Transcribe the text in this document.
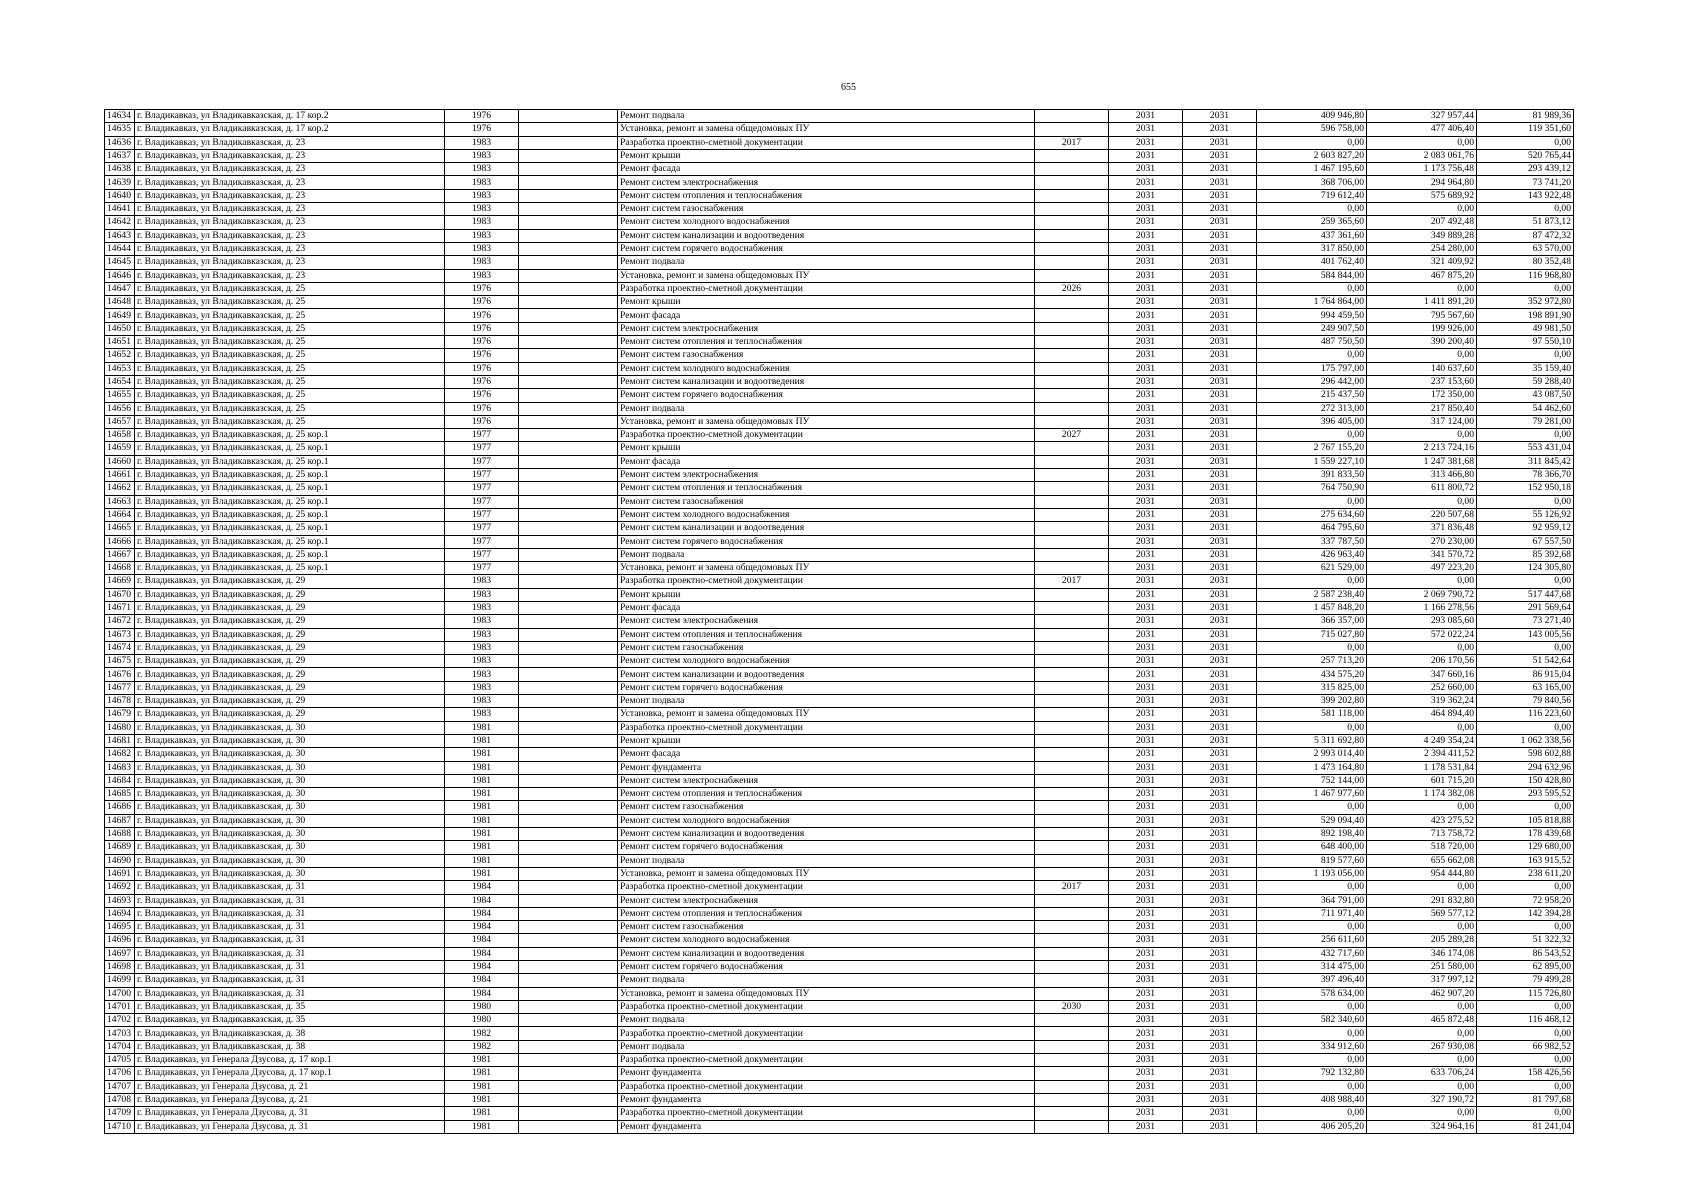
655
14634	г. Владикавказ, ул Владикавказская, д. 17 кор.2	1976		Ремонт подвала		2031	2031	409 946,80	327 957,44	81 989,36
14635	г. Владикавказ, ул Владикавказская, д. 17 кор.2	1976		Установка, ремонт и замена общедомовых ПУ		2031	2031	596 758,00	477 406,40	119 351,60
14636	г. Владикавказ, ул Владикавказская, д. 23	1983		Разработка проектно-сметной документации	2017	2031	2031	0,00	0,00	0,00
14637	г. Владикавказ, ул Владикавказская, д. 23	1983		Ремонт крыши		2031	2031	2 603 827,20	2 083 061,76	520 765,44
14638	г. Владикавказ, ул Владикавказская, д. 23	1983		Ремонт фасада		2031	2031	1 467 195,60	1 173 756,48	293 439,12
14639	г. Владикавказ, ул Владикавказская, д. 23	1983		Ремонт систем электроснабжения		2031	2031	368 706,00	294 964,80	73 741,20
14640	г. Владикавказ, ул Владикавказская, д. 23	1983		Ремонт систем отопления и теплоснабжения		2031	2031	719 612,40	575 689,92	143 922,48
14641	г. Владикавказ, ул Владикавказская, д. 23	1983		Ремонт систем газоснабжения		2031	2031	0,00	0,00	0,00
14642	г. Владикавказ, ул Владикавказская, д. 23	1983		Ремонт систем холодного водоснабжения		2031	2031	259 365,60	207 492,48	51 873,12
14643	г. Владикавказ, ул Владикавказская, д. 23	1983		Ремонт систем канализации и водоотведения		2031	2031	437 361,60	349 889,28	87 472,32
14644	г. Владикавказ, ул Владикавказская, д. 23	1983		Ремонт систем горячего водоснабжения		2031	2031	317 850,00	254 280,00	63 570,00
14645	г. Владикавказ, ул Владикавказская, д. 23	1983		Ремонт подвала		2031	2031	401 762,40	321 409,92	80 352,48
14646	г. Владикавказ, ул Владикавказская, д. 23	1983		Установка, ремонт и замена общедомовых ПУ		2031	2031	584 844,00	467 875,20	116 968,80
14647	г. Владикавказ, ул Владикавказская, д. 25	1976		Разработка проектно-сметной документации	2026	2031	2031	0,00	0,00	0,00
14648	г. Владикавказ, ул Владикавказская, д. 25	1976		Ремонт крыши		2031	2031	1 764 864,00	1 411 891,20	352 972,80
14649	г. Владикавказ, ул Владикавказская, д. 25	1976		Ремонт фасада		2031	2031	994 459,50	795 567,60	198 891,90
14650	г. Владикавказ, ул Владикавказская, д. 25	1976		Ремонт систем электроснабжения		2031	2031	249 907,50	199 926,00	49 981,50
14651	г. Владикавказ, ул Владикавказская, д. 25	1976		Ремонт систем отопления и теплоснабжения		2031	2031	487 750,50	390 200,40	97 550,10
14652	г. Владикавказ, ул Владикавказская, д. 25	1976		Ремонт систем газоснабжения		2031	2031	0,00	0,00	0,00
14653	г. Владикавказ, ул Владикавказская, д. 25	1976		Ремонт систем холодного водоснабжения		2031	2031	175 797,00	140 637,60	35 159,40
14654	г. Владикавказ, ул Владикавказская, д. 25	1976		Ремонт систем канализации и водоотведения		2031	2031	296 442,00	237 153,60	59 288,40
14655	г. Владикавказ, ул Владикавказская, д. 25	1976		Ремонт систем горячего водоснабжения		2031	2031	215 437,50	172 350,00	43 087,50
14656	г. Владикавказ, ул Владикавказская, д. 25	1976		Ремонт подвала		2031	2031	272 313,00	217 850,40	54 462,60
14657	г. Владикавказ, ул Владикавказская, д. 25	1976		Установка, ремонт и замена общедомовых ПУ		2031	2031	396 405,00	317 124,00	79 281,00
14658	г. Владикавказ, ул Владикавказская, д. 25 кор.1	1977		Разработка проектно-сметной документации	2027	2031	2031	0,00	0,00	0,00
14659	г. Владикавказ, ул Владикавказская, д. 25 кор.1	1977		Ремонт крыши		2031	2031	2 767 155,20	2 213 724,16	553 431,04
14660	г. Владикавказ, ул Владикавказская, д. 25 кор.1	1977		Ремонт фасада		2031	2031	1 559 227,10	1 247 381,68	311 845,42
14661	г. Владикавказ, ул Владикавказская, д. 25 кор.1	1977		Ремонт систем электроснабжения		2031	2031	391 833,50	313 466,80	78 366,70
14662	г. Владикавказ, ул Владикавказская, д. 25 кор.1	1977		Ремонт систем отопления и теплоснабжения		2031	2031	764 750,90	611 800,72	152 950,18
14663	г. Владикавказ, ул Владикавказская, д. 25 кор.1	1977		Ремонт систем газоснабжения		2031	2031	0,00	0,00	0,00
14664	г. Владикавказ, ул Владикавказская, д. 25 кор.1	1977		Ремонт систем холодного водоснабжения		2031	2031	275 634,60	220 507,68	55 126,92
14665	г. Владикавказ, ул Владикавказская, д. 25 кор.1	1977		Ремонт систем канализации и водоотведения		2031	2031	464 795,60	371 836,48	92 959,12
14666	г. Владикавказ, ул Владикавказская, д. 25 кор.1	1977		Ремонт систем горячего водоснабжения		2031	2031	337 787,50	270 230,00	67 557,50
14667	г. Владикавказ, ул Владикавказская, д. 25 кор.1	1977		Ремонт подвала		2031	2031	426 963,40	341 570,72	85 392,68
14668	г. Владикавказ, ул Владикавказская, д. 25 кор.1	1977		Установка, ремонт и замена общедомовых ПУ		2031	2031	621 529,00	497 223,20	124 305,80
14669	г. Владикавказ, ул Владикавказская, д. 29	1983		Разработка проектно-сметной документации	2017	2031	2031	0,00	0,00	0,00
14670	г. Владикавказ, ул Владикавказская, д. 29	1983		Ремонт крыши		2031	2031	2 587 238,40	2 069 790,72	517 447,68
14671	г. Владикавказ, ул Владикавказская, д. 29	1983		Ремонт фасада		2031	2031	1 457 848,20	1 166 278,56	291 569,64
14672	г. Владикавказ, ул Владикавказская, д. 29	1983		Ремонт систем электроснабжения		2031	2031	366 357,00	293 085,60	73 271,40
14673	г. Владикавказ, ул Владикавказская, д. 29	1983		Ремонт систем отопления и теплоснабжения		2031	2031	715 027,80	572 022,24	143 005,56
14674	г. Владикавказ, ул Владикавказская, д. 29	1983		Ремонт систем газоснабжения		2031	2031	0,00	0,00	0,00
14675	г. Владикавказ, ул Владикавказская, д. 29	1983		Ремонт систем холодного водоснабжения		2031	2031	257 713,20	206 170,56	51 542,64
14676	г. Владикавказ, ул Владикавказская, д. 29	1983		Ремонт систем канализации и водоотведения		2031	2031	434 575,20	347 660,16	86 915,04
14677	г. Владикавказ, ул Владикавказская, д. 29	1983		Ремонт систем горячего водоснабжения		2031	2031	315 825,00	252 660,00	63 165,00
14678	г. Владикавказ, ул Владикавказская, д. 29	1983		Ремонт подвала		2031	2031	399 202,80	319 362,24	79 840,56
14679	г. Владикавказ, ул Владикавказская, д. 29	1983		Установка, ремонт и замена общедомовых ПУ		2031	2031	581 118,00	464 894,40	116 223,60
14680	г. Владикавказ, ул Владикавказская, д. 30	1981		Разработка проектно-сметной документации		2031	2031	0,00	0,00	0,00
14681	г. Владикавказ, ул Владикавказская, д. 30	1981		Ремонт крыши		2031	2031	5 311 692,80	4 249 354,24	1 062 338,56
14682	г. Владикавказ, ул Владикавказская, д. 30	1981		Ремонт фасада		2031	2031	2 993 014,40	2 394 411,52	598 602,88
14683	г. Владикавказ, ул Владикавказская, д. 30	1981		Ремонт фундамента		2031	2031	1 473 164,80	1 178 531,84	294 632,96
14684	г. Владикавказ, ул Владикавказская, д. 30	1981		Ремонт систем электроснабжения		2031	2031	752 144,00	601 715,20	150 428,80
14685	г. Владикавказ, ул Владикавказская, д. 30	1981		Ремонт систем отопления и теплоснабжения		2031	2031	1 467 977,60	1 174 382,08	293 595,52
14686	г. Владикавказ, ул Владикавказская, д. 30	1981		Ремонт систем газоснабжения		2031	2031	0,00	0,00	0,00
14687	г. Владикавказ, ул Владикавказская, д. 30	1981		Ремонт систем холодного водоснабжения		2031	2031	529 094,40	423 275,52	105 818,88
14688	г. Владикавказ, ул Владикавказская, д. 30	1981		Ремонт систем канализации и водоотведения		2031	2031	892 198,40	713 758,72	178 439,68
14689	г. Владикавказ, ул Владикавказская, д. 30	1981		Ремонт систем горячего водоснабжения		2031	2031	648 400,00	518 720,00	129 680,00
14690	г. Владикавказ, ул Владикавказская, д. 30	1981		Ремонт подвала		2031	2031	819 577,60	655 662,08	163 915,52
14691	г. Владикавказ, ул Владикавказская, д. 30	1981		Установка, ремонт и замена общедомовых ПУ		2031	2031	1 193 056,00	954 444,80	238 611,20
14692	г. Владикавказ, ул Владикавказская, д. 31	1984		Разработка проектно-сметной документации	2017	2031	2031	0,00	0,00	0,00
14693	г. Владикавказ, ул Владикавказская, д. 31	1984		Ремонт систем электроснабжения		2031	2031	364 791,00	291 832,80	72 958,20
14694	г. Владикавказ, ул Владикавказская, д. 31	1984		Ремонт систем отопления и теплоснабжения		2031	2031	711 971,40	569 577,12	142 394,28
14695	г. Владикавказ, ул Владикавказская, д. 31	1984		Ремонт систем газоснабжения		2031	2031	0,00	0,00	0,00
14696	г. Владикавказ, ул Владикавказская, д. 31	1984		Ремонт систем холодного водоснабжения		2031	2031	256 611,60	205 289,28	51 322,32
14697	г. Владикавказ, ул Владикавказская, д. 31	1984		Ремонт систем канализации и водоотведения		2031	2031	432 717,60	346 174,08	86 543,52
14698	г. Владикавказ, ул Владикавказская, д. 31	1984		Ремонт систем горячего водоснабжения		2031	2031	314 475,00	251 580,00	62 895,00
14699	г. Владикавказ, ул Владикавказская, д. 31	1984		Ремонт подвала		2031	2031	397 496,40	317 997,12	79 499,28
14700	г. Владикавказ, ул Владикавказская, д. 31	1984		Установка, ремонт и замена общедомовых ПУ		2031	2031	578 634,00	462 907,20	115 726,80
14701	г. Владикавказ, ул Владикавказская, д. 35	1980		Разработка проектно-сметной документации	2030	2031	2031	0,00	0,00	0,00
14702	г. Владикавказ, ул Владикавказская, д. 35	1980		Ремонт подвала		2031	2031	582 340,60	465 872,48	116 468,12
14703	г. Владикавказ, ул Владикавказская, д. 38	1982		Разработка проектно-сметной документации		2031	2031	0,00	0,00	0,00
14704	г. Владикавказ, ул Владикавказская, д. 38	1982		Ремонт подвала		2031	2031	334 912,60	267 930,08	66 982,52
14705	г. Владикавказ, ул Генерала Дзусова, д. 17 кор.1	1981		Разработка проектно-сметной документации		2031	2031	0,00	0,00	0,00
14706	г. Владикавказ, ул Генерала Дзусова, д. 17 кор.1	1981		Ремонт фундамента		2031	2031	792 132,80	633 706,24	158 426,56
14707	г. Владикавказ, ул Генерала Дзусова, д. 21	1981		Разработка проектно-сметной документации		2031	2031	0,00	0,00	0,00
14708	г. Владикавказ, ул Генерала Дзусова, д. 21	1981		Ремонт фундамента		2031	2031	408 988,40	327 190,72	81 797,68
14709	г. Владикавказ, ул Генерала Дзусова, д. 31	1981		Разработка проектно-сметной документации		2031	2031	0,00	0,00	0,00
14710	г. Владикавказ, ул Генерала Дзусова, д. 31	1981		Ремонт фундамента		2031	2031	406 205,20	324 964,16	81 241,04
